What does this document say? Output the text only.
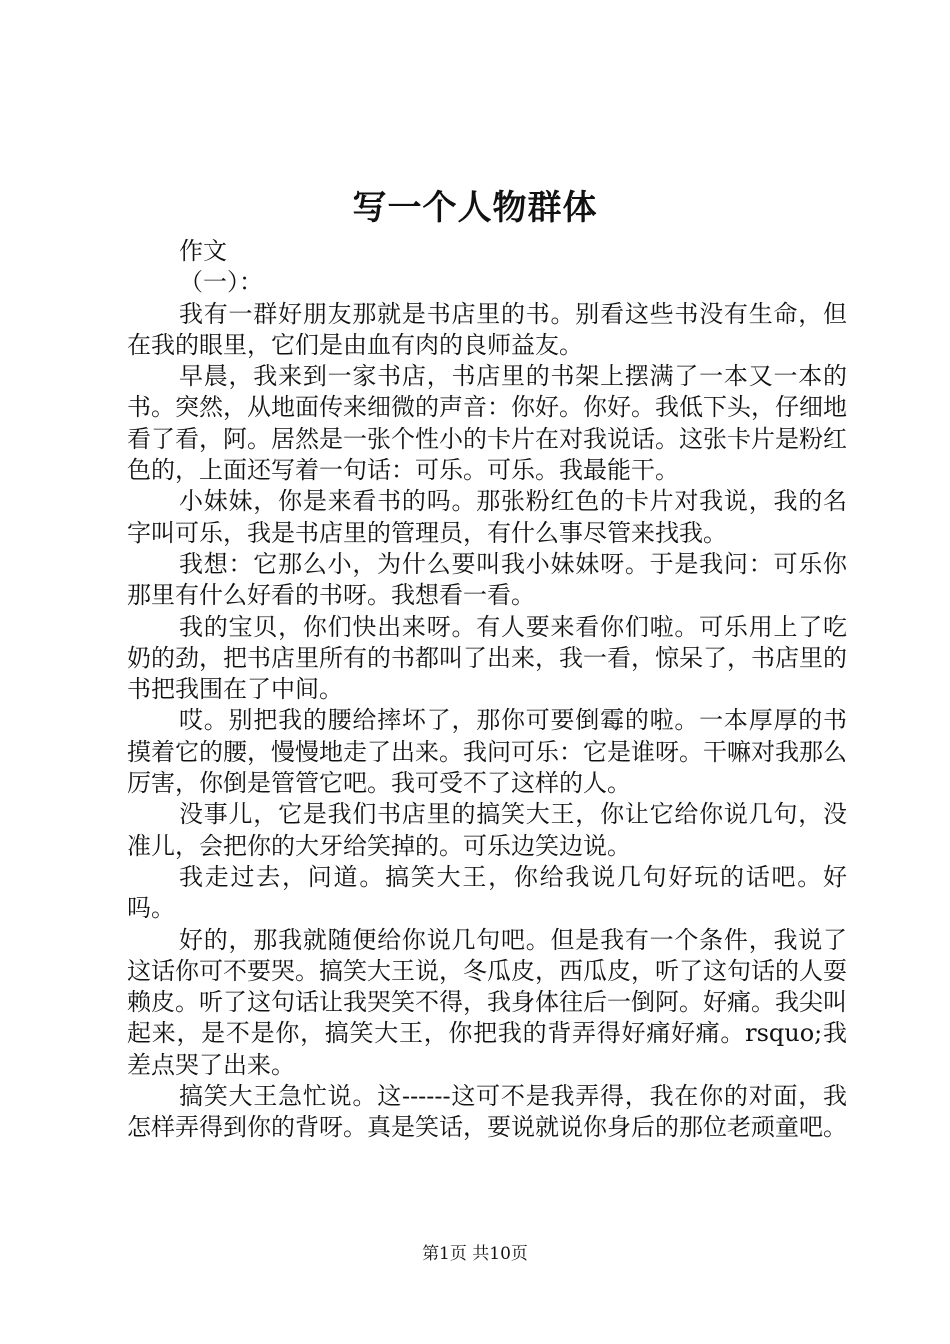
写一个人物群体

作文

（一）：

我有一群好朋友那就是书店里的书。别看这些书没有生命，但在我的眼里，它们是由血有肉的良师益友。

早晨，我来到一家书店，书店里的书架上摆满了一本又一本的书。突然，从地面传来细微的声音：你好。你好。我低下头，仔细地看了看，阿。居然是一张个性小的卡片在对我说话。这张卡片是粉红色的，上面还写着一句话：可乐。可乐。我最能干。

小妹妹，你是来看书的吗。那张粉红色的卡片对我说，我的名字叫可乐，我是书店里的管理员，有什么事尽管来找我。

我想：它那么小，为什么要叫我小妹妹呀。于是我问：可乐你那里有什么好看的书呀。我想看一看。

我的宝贝，你们快出来呀。有人要来看你们啦。可乐用上了吃奶的劲，把书店里所有的书都叫了出来，我一看，惊呆了，书店里的书把我围在了中间。

哎。别把我的腰给摔坏了，那你可要倒霉的啦。一本厚厚的书摸着它的腰，慢慢地走了出来。我问可乐：它是谁呀。干嘛对我那么厉害，你倒是管管它吧。我可受不了这样的人。

没事儿，它是我们书店里的搞笑大王，你让它给你说几句，没准儿，会把你的大牙给笑掉的。可乐边笑边说。

我走过去，问道。搞笑大王，你给我说几句好玩的话吧。好吗。

好的，那我就随便给你说几句吧。但是我有一个条件，我说了这话你可不要哭。搞笑大王说，冬瓜皮，西瓜皮，听了这句话的人耍赖皮。听了这句话让我哭笑不得，我身体往后一倒阿。好痛。我尖叫起来，是不是你，搞笑大王，你把我的背弄得好痛好痛。rsquo;我差点哭了出来。

搞笑大王急忙说。这------这可不是我弄得，我在你的对面，我怎样弄得到你的背呀。真是笑话，要说就说你身后的那位老顽童吧。

第1页 共10页
